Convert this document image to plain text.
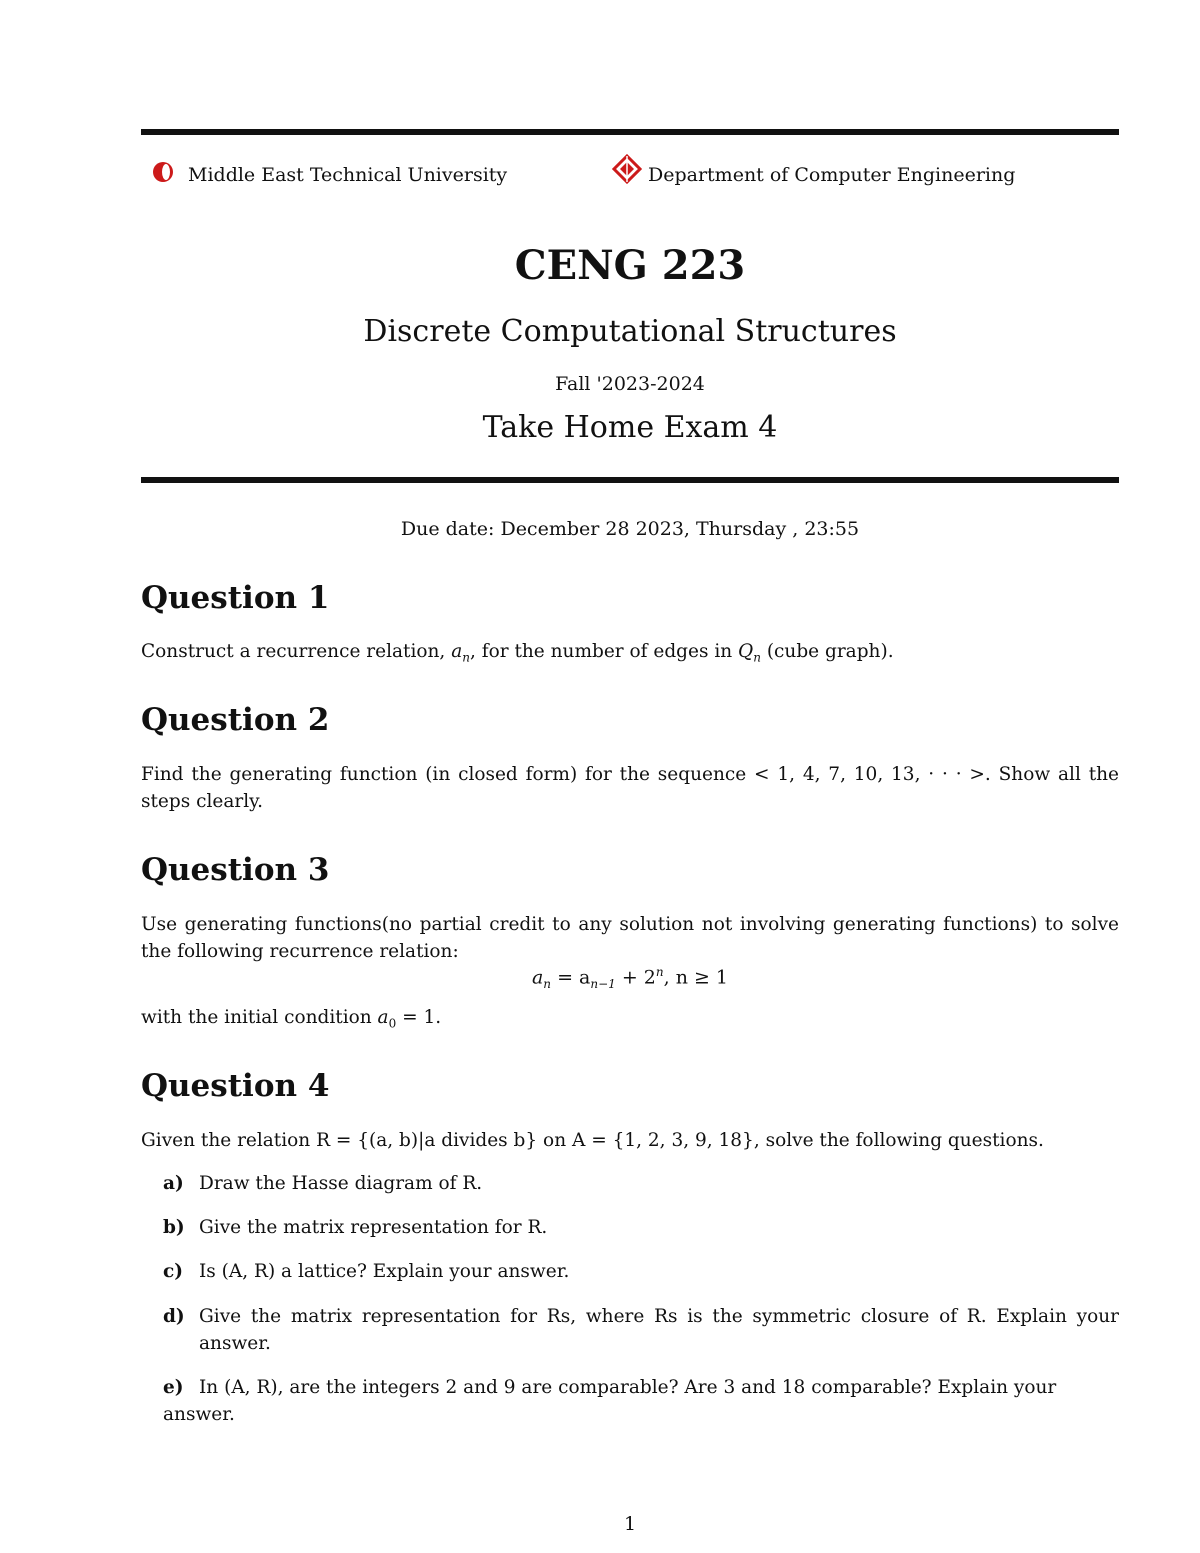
Middle East Technical University	Department of Computer Engineering
CENG 223
Discrete Computational Structures
Fall '2023-2024
Take Home Exam 4
Due date: December 28 2023, Thursday , 23:55
Question 1
Construct a recurrence relation, $a_n$, for the number of edges in $Q_n$ (cube graph).
Question 2
Find the generating function (in closed form) for the sequence < 1, 4, 7, 10, 13, · · · >. Show all the steps clearly.
Question 3
Use generating functions(no partial credit to any solution not involving generating functions) to solve the following recurrence relation:
$a_n = a_{n-1} + 2^n$, n ≥ 1
with the initial condition $a_0 = 1$.
Question 4
Given the relation R = {(a, b)|a divides b} on A = {1, 2, 3, 9, 18}, solve the following questions.
a) Draw the Hasse diagram of R.
b) Give the matrix representation for R.
c) Is (A, R) a lattice? Explain your answer.
d) Give the matrix representation for Rs, where Rs is the symmetric closure of R. Explain your answer.
e) In (A, R), are the integers 2 and 9 are comparable? Are 3 and 18 comparable? Explain your answer.
1
